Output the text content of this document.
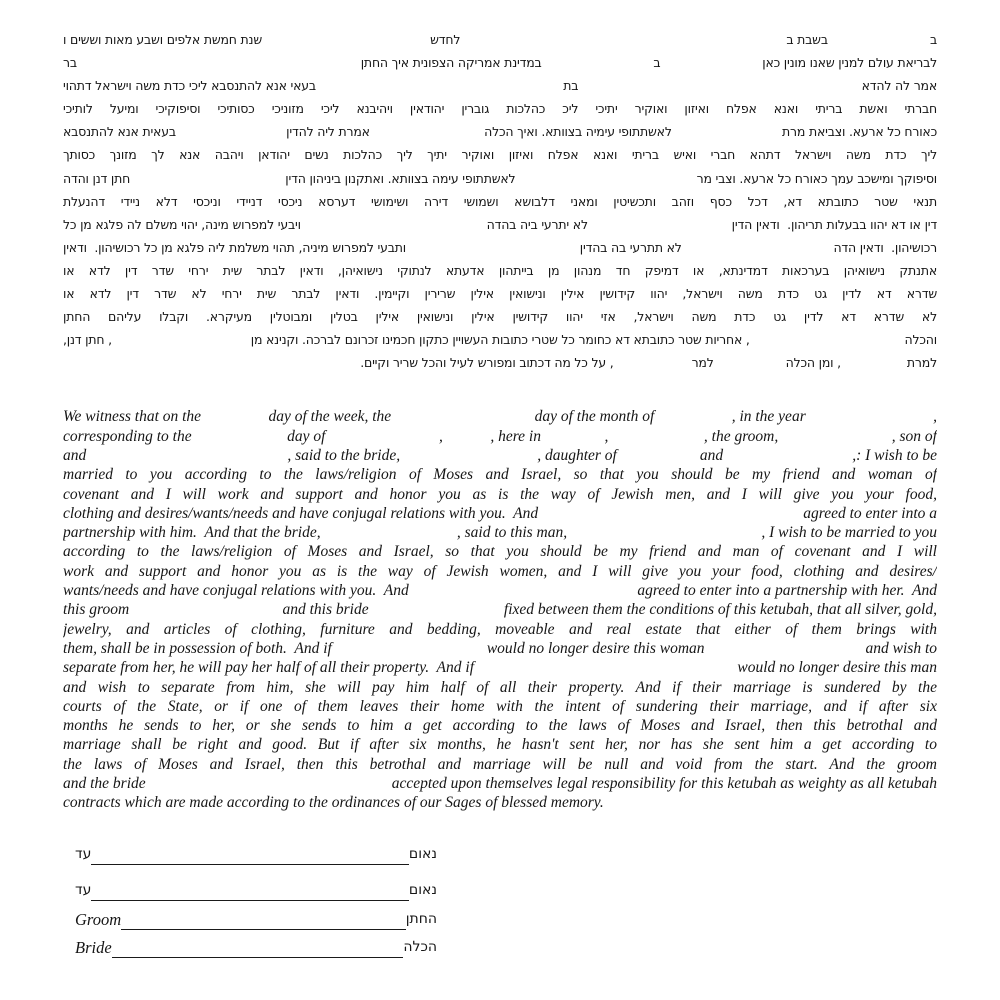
ב
בשבת ב
לחדש
שנת חמשת אלפים ושבע מאות וששים ו
לבריאת עולם למנין שאנו מונין כאן
ב
במדינת אמריקה הצפונית איך החתן
בר
אמר לה להדא
בת
בעאי אנא להתנסבא ליכי כדת משה וישראל דתהוי
חברתי ואשת בריתי ואנא אפלח ואיזון ואוקיר יתיכי ליכ כהלכות גוברין יהודאין ויהיבנא ליכי מזוניכי כסותיכי וסיפוקיכי ומיעל לותיכי
כאורח כל ארעא. וצביאת מרת
לאשתתופי עימיה בצוותא. ואיך הכלה
אמרת ליה להדין
בעאית אנא להתנסבא
ליך כדת משה וישראל דתהא חברי ואיש בריתי ואנא אפלח ואיזון ואוקיר יתיך ליך כהלכות נשים יהודאן ויהבה אנא לך מזונך כסותך
וסיפוקך ומישכב עמך כאורח כל ארעא. וצבי מר
לאשתתופי עימה בצוותא. ואתקנון ביניהון הדין
חתן דנן והדה
תנאי שטר כתובתא דא, דכל כסף וזהב ותכשיטין ומאני דלבושא ושמושי דירה ושימושי דערסא ניכסי דניידי וניכסי דלא ניידי דהנעלת
דין או דא יהוו בבעלות תריהון.  ודאין הדין
לא יתרעי ביה בהדה
ויבעי למפרוש מינה, יהוי משלם לה פלגא מן כל
רכושיהון.  ודאין הדה
לא תתרעי בה בהדין
ותבעי למפרוש מיניה, תהוי משלמת ליה פלגא מן כל רכושיהון.  ודאין
אתנתק נישואיהן בערכאות דמדינתא, או דמיפק חד מנהון מן בייתהון אדעתא לנתוקי נישואיהן, ודאין לבתר שית ירחי שדר דין לדא או
שדרא דא לדין גט כדת משה וישראל, יהוו קידושין אילין ונישואין אילין שרירין וקיימין. ודאין לבתר שית ירחי לא שדר דין לדא או
לא שדרא דא לדין גט כדת משה וישראל, אזי יהוו קידושין אילין ונישואין אילין בטלין ומבוטלין מעיקרא. וקבלו עליהם החתן
והכלה
, אחריות שטר כתובתא דא כחומר כל שטרי כתובות העשויין כתקון חכמינו זכרונם לברכה. וקנינא מן
, חתן דנן,
למרת
, ומן הכלה
למר
, על כל מה דכתוב ומפורש לעיל והכל שריר וקיים.
We witness that on the	day of the week, the	day of the month of	, in the year	,
corresponding to the	day of	,	, here in	,	, the groom,	, son of
and	, said to the bride,	, daughter of	and	,: I wish to be
married to you according to the laws/religion of Moses and Israel, so that you should be my friend and woman of
covenant and I will work and support and honor you as is the way of Jewish men, and I will give you your food,
clothing and desires/wants/needs and have conjugal relations with you.  And	agreed to enter into a
partnership with him.  And that the bride,	, said to this man,	, I wish to be married to you
according to the laws/religion of Moses and Israel, so that you should be my friend and man of covenant and I will
work and support and honor you as is the way of Jewish women, and I will give you your food, clothing and desires/
wants/needs and have conjugal relations with you.  And	agreed to enter into a partnership with her.  And
this groom	and this bride	fixed between them the conditions of this ketubah, that all silver, gold,
jewelry, and articles of clothing, furniture and bedding, moveable and real estate that either of them brings with
them, shall be in possession of both.  And if	would no longer desire this woman	and wish to
separate from her, he will pay her half of all their property.  And if	would no longer desire this man
and wish to separate from him, she will pay him half of all their property. And if their marriage is sundered by the
courts of the State, or if one of them leaves their home with the intent of sundering their marriage, and if after six
months he sends to her, or she sends to him a get according to the laws of Moses and Israel, then this betrothal and
marriage shall be right and good. But if after six months, he hasn't sent her, nor has she sent him a get according to
the laws of Moses and Israel, then this betrothal and marriage will be null and void from the start. And the groom
and the bride	accepted upon themselves legal responsibility for this ketubah as weighty as all ketubah
contracts which are made according to the ordinances of our Sages of blessed memory.
עד	נאום
עד	נאום
Groom	החתן
Bride	הכלה
